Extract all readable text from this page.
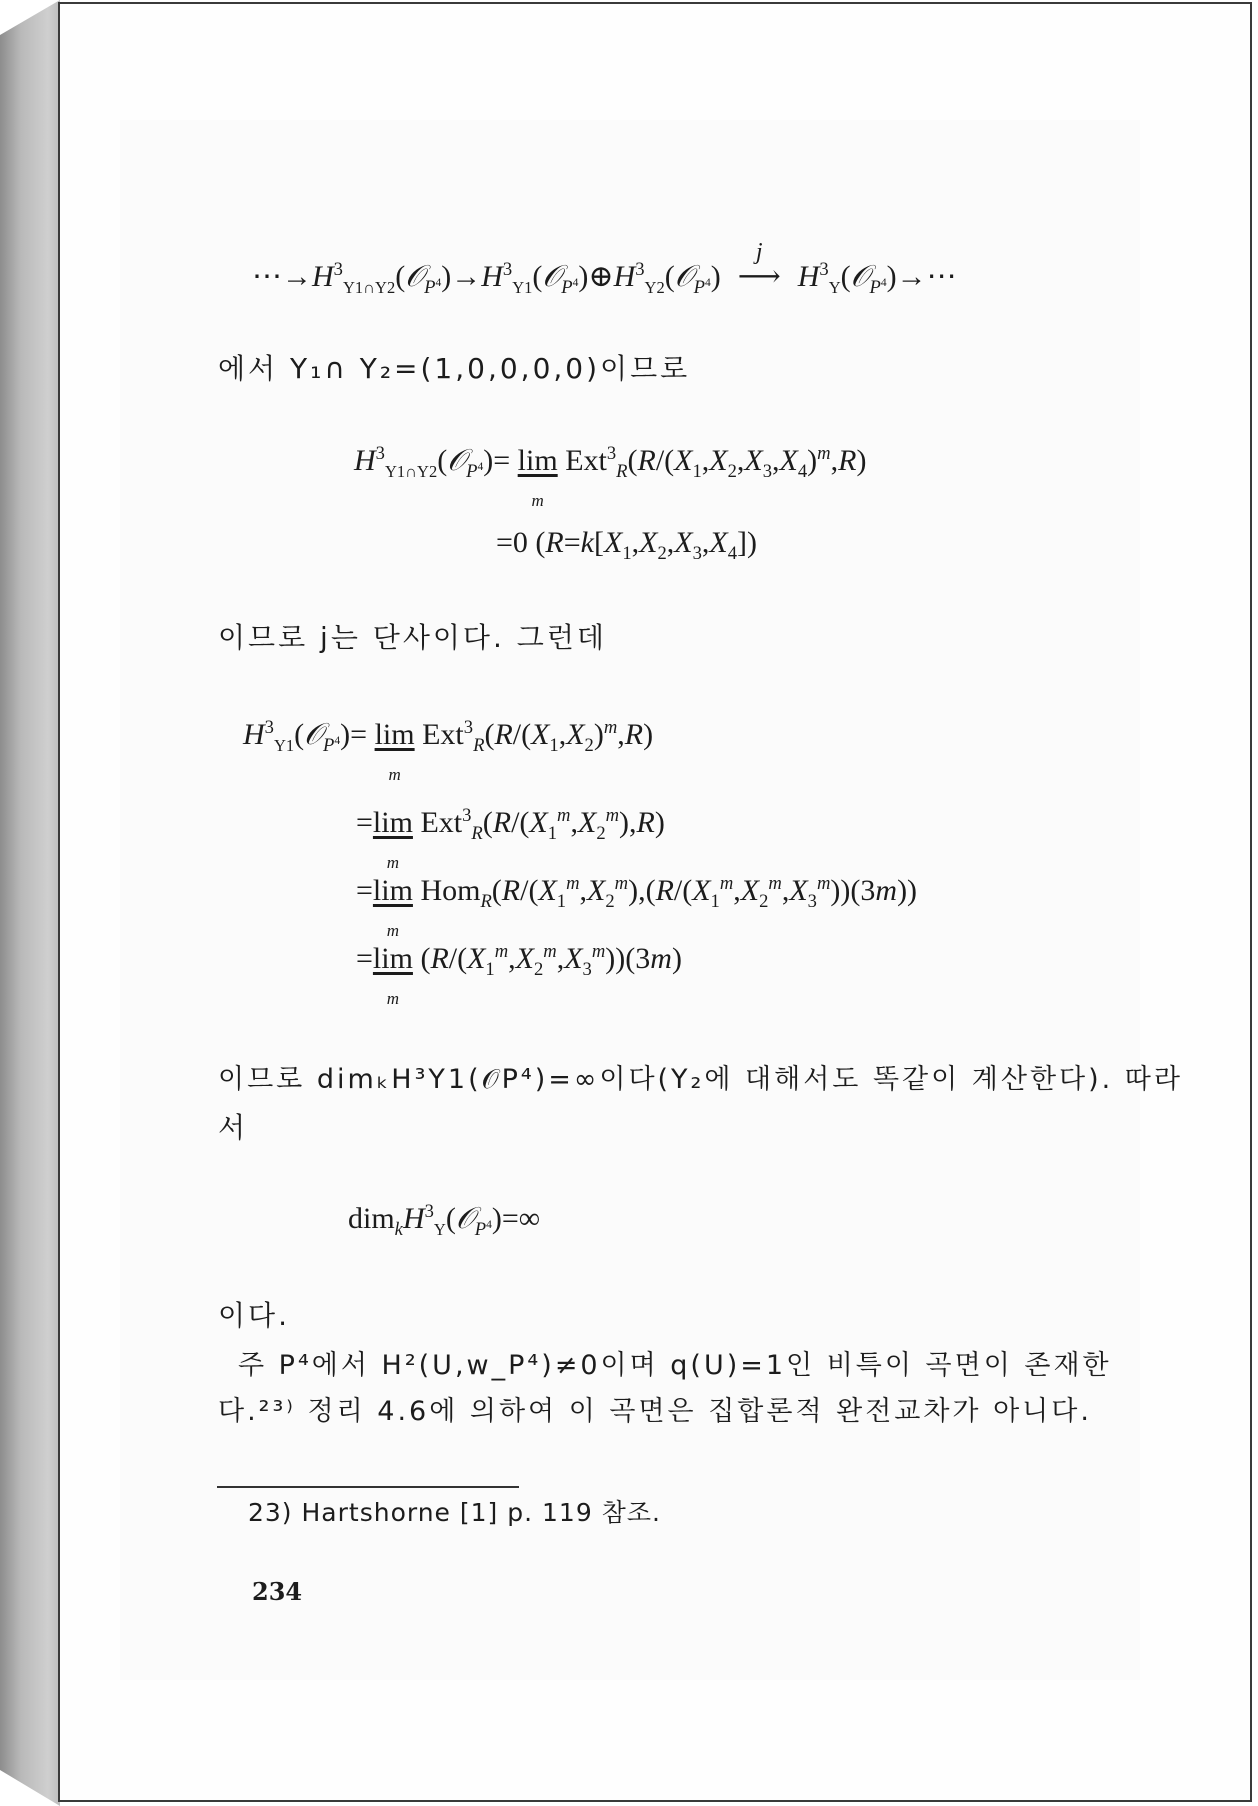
$\cdots\to H^3_{Y1\cap Y2}(𝒪_{P^4})\to H^3_{Y1}(𝒪_{P^4})\oplus H^3_{Y2}(𝒪_{P^4})$
j
⟶ $H^3_Y(𝒪_{P^4})\to\cdots$
에서 Y₁∩ Y₂=(1,0,0,0,0)이므로
$H^3_{Y1\cap Y2}(𝒪_{P^4})= \lim$
m
$Ext^3_R(R/(X_1,X_2,X_3,X_4)^m,R)$
=0 $(R=k[X_1,X_2,X_3,X_4])$
이므로 j는 단사이다. 그런데
$H^3_{Y1}(𝒪_{P^4})= \lim$
m
$Ext^3_R(R/(X_1,X_2)^m,R)$
=lim
m
$Ext^3_R(R/(X_1^m,X_2^m),R)$
=lim
m
$Hom_R(R/(X_1^m,X_2^m),(R/(X_1^m,X_2^m,X_3^m))(3m))$
=lim
m
$(R/(X_1^m,X_2^m,X_3^m))(3m)$
이므로 dimₖH³Y1(𝒪P⁴)=∞이다(Y₂에 대해서도 똑같이 계산한다). 따라
서
$dim_kH^3_Y(𝒪_{P^4})=\infty$
이다.
주 P⁴에서 H²(U,w_P⁴)≠0이며 q(U)=1인 비특이 곡면이 존재한
다.²³⁾ 정리 4.6에 의하여 이 곡면은 집합론적 완전교차가 아니다.
23) Hartshorne [1] p. 119 참조.
234
